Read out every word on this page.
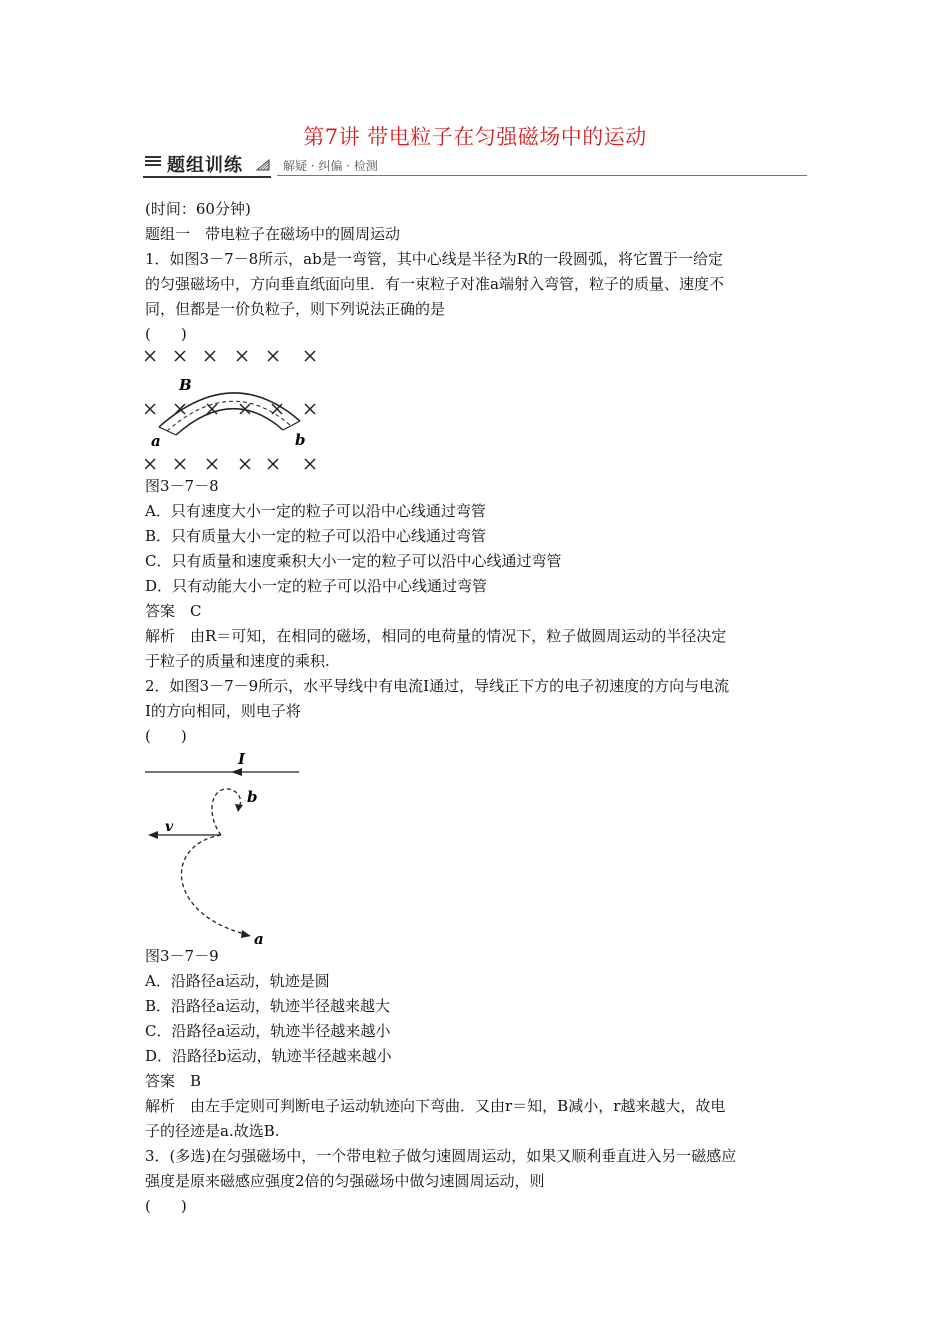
第7讲 带电粒子在匀强磁场中的运动
题组训练	解疑 · 纠偏 · 检测

(时间：60分钟)

题组一　带电粒子在磁场中的圆周运动

1．如图3－7－8所示，ab是一弯管，其中心线是半径为R的一段圆弧，将它置于一给定

的匀强磁场中，方向垂直纸面向里．有一束粒子对准a端射入弯管，粒子的质量、速度不

同，但都是一价负粒子，则下列说法正确的是

(　　)

B
a	b

图3－7－8

A．只有速度大小一定的粒子可以沿中心线通过弯管

B．只有质量大小一定的粒子可以沿中心线通过弯管

C．只有质量和速度乘积大小一定的粒子可以沿中心线通过弯管

D．只有动能大小一定的粒子可以沿中心线通过弯管

答案　C

解析　由R＝可知，在相同的磁场，相同的电荷量的情况下，粒子做圆周运动的半径决定

于粒子的质量和速度的乘积.

2．如图3－7－9所示，水平导线中有电流I通过，导线正下方的电子初速度的方向与电流

I的方向相同，则电子将

(　　)

I
v
b
a

图3－7－9

A．沿路径a运动，轨迹是圆

B．沿路径a运动，轨迹半径越来越大

C．沿路径a运动，轨迹半径越来越小

D．沿路径b运动，轨迹半径越来越小

答案　B

解析　由左手定则可判断电子运动轨迹向下弯曲．又由r＝知，B减小，r越来越大，故电

子的径迹是a.故选B.

3．(多选)在匀强磁场中，一个带电粒子做匀速圆周运动，如果又顺利垂直进入另一磁感应

强度是原来磁感应强度2倍的匀强磁场中做匀速圆周运动，则

(　　)
